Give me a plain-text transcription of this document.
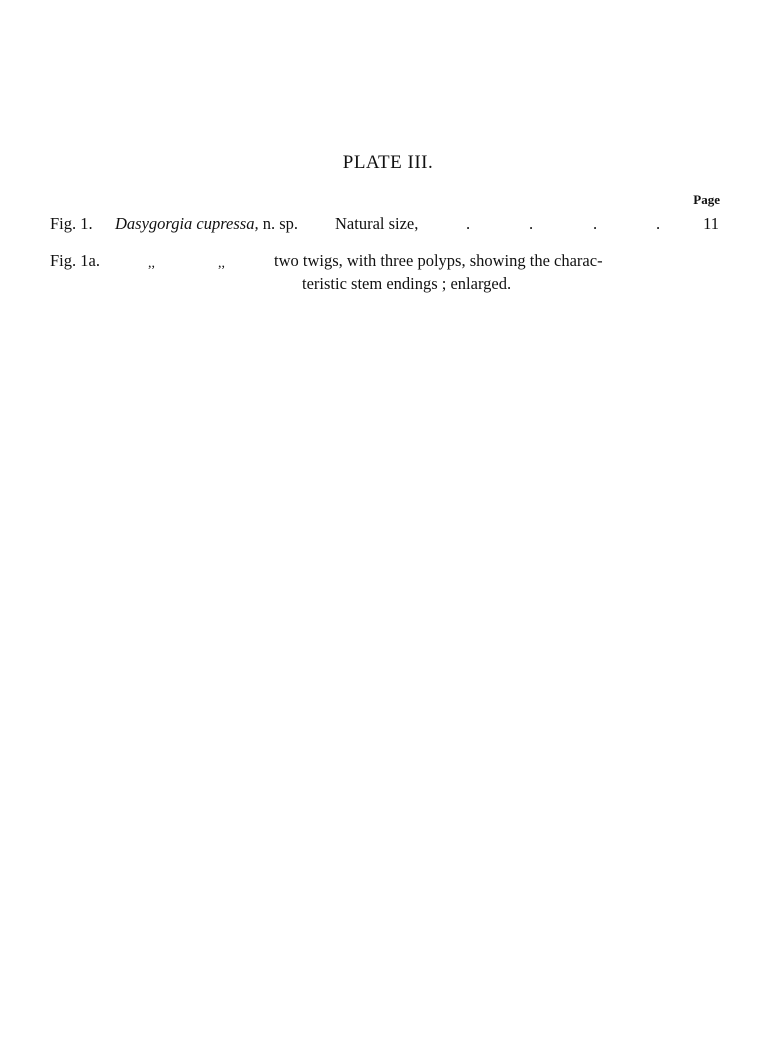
PLATE III.
Page
Fig. 1. Dasygorgia cupressa, n. sp. Natural size,	.	.	.	.	11
Fig. 1a.	,,	,,	two twigs, with three polyps, showing the charac-
teristic stem endings ; enlarged.
